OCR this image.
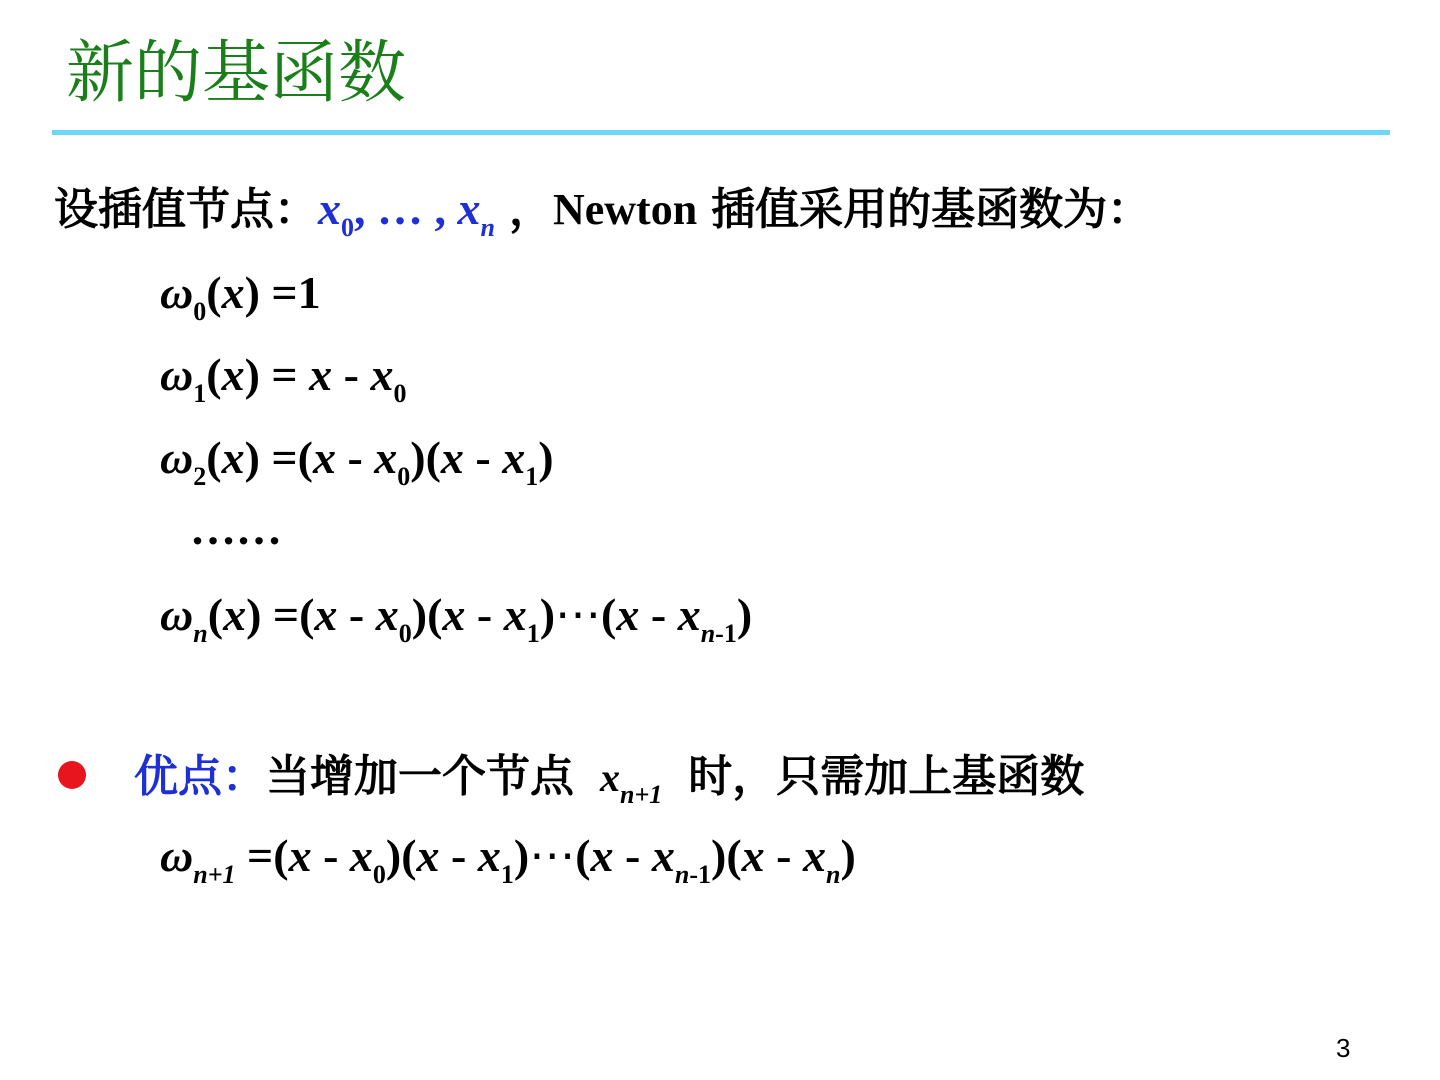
新的基函数
设插值节点：$x_0$, … , $x_n$ ，Newton 插值采用的基函数为：
$\omega_0(x) =1$
$\omega_1(x) = x - x_0$
$\omega_2(x) =(x - x_0)(x - x_1)$
……
$\omega_n(x) =(x - x_0)(x$ - $x_1)\cdots(x - x_{n-1})$
优点：当增加一个节点 $x_{n+1}$ 时，只需加上基函数
$\omega_{n+1} =(x - x_0)(x$ - $x_1)\cdots(x - x_{n-1})(x - x_n)$
3
